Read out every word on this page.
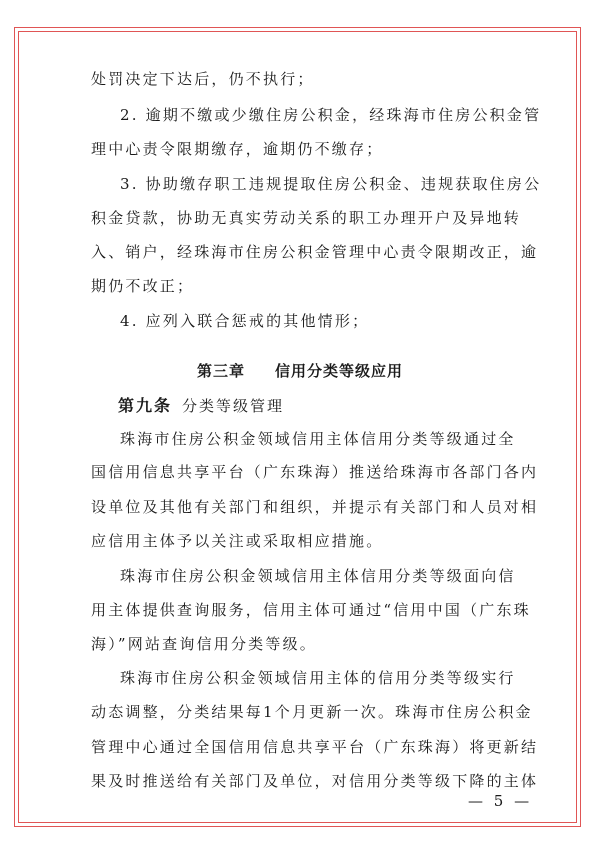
处罚决定下达后，仍不执行；
2. 逾期不缴或少缴住房公积金，经珠海市住房公积金管
理中心责令限期缴存，逾期仍不缴存；
3. 协助缴存职工违规提取住房公积金、违规获取住房公
积金贷款，协助无真实劳动关系的职工办理开户及异地转
入、销户，经珠海市住房公积金管理中心责令限期改正，逾
期仍不改正；
4. 应列入联合惩戒的其他情形；
第三章 信用分类等级应用
第九条 分类等级管理
珠海市住房公积金领域信用主体信用分类等级通过全
国信用信息共享平台（广东珠海）推送给珠海市各部门各内
设单位及其他有关部门和组织，并提示有关部门和人员对相
应信用主体予以关注或采取相应措施。
珠海市住房公积金领域信用主体信用分类等级面向信
用主体提供查询服务，信用主体可通过“信用中国（广东珠
海）”网站查询信用分类等级。
珠海市住房公积金领域信用主体的信用分类等级实行
动态调整，分类结果每1个月更新一次。珠海市住房公积金
管理中心通过全国信用信息共享平台（广东珠海）将更新结
果及时推送给有关部门及单位，对信用分类等级下降的主体
— 5 —
